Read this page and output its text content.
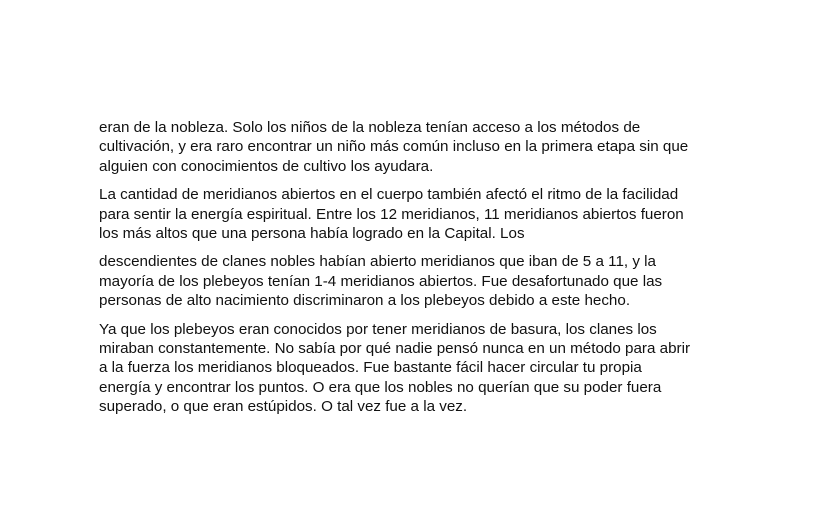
eran de la nobleza. Solo los niños de la nobleza tenían acceso a los métodos de
cultivación, y era raro encontrar un niño más común incluso en la primera etapa sin que
alguien con conocimientos de cultivo los ayudara.
La cantidad de meridianos abiertos en el cuerpo también afectó el ritmo de la facilidad
para sentir la energía espiritual. Entre los 12 meridianos, 11 meridianos abiertos fueron
los más altos que una persona había logrado en la Capital. Los
descendientes de clanes nobles habían abierto meridianos que iban de 5 a 11, y la
mayoría de los plebeyos tenían 1-4 meridianos abiertos. Fue desafortunado que las
personas de alto nacimiento discriminaron a los plebeyos debido a este hecho.
Ya que los plebeyos eran conocidos por tener meridianos de basura, los clanes los
miraban constantemente. No sabía por qué nadie pensó nunca en un método para abrir
a la fuerza los meridianos bloqueados. Fue bastante fácil hacer circular tu propia
energía y encontrar los puntos. O era que los nobles no querían que su poder fuera
superado, o que eran estúpidos. O tal vez fue a la vez.
